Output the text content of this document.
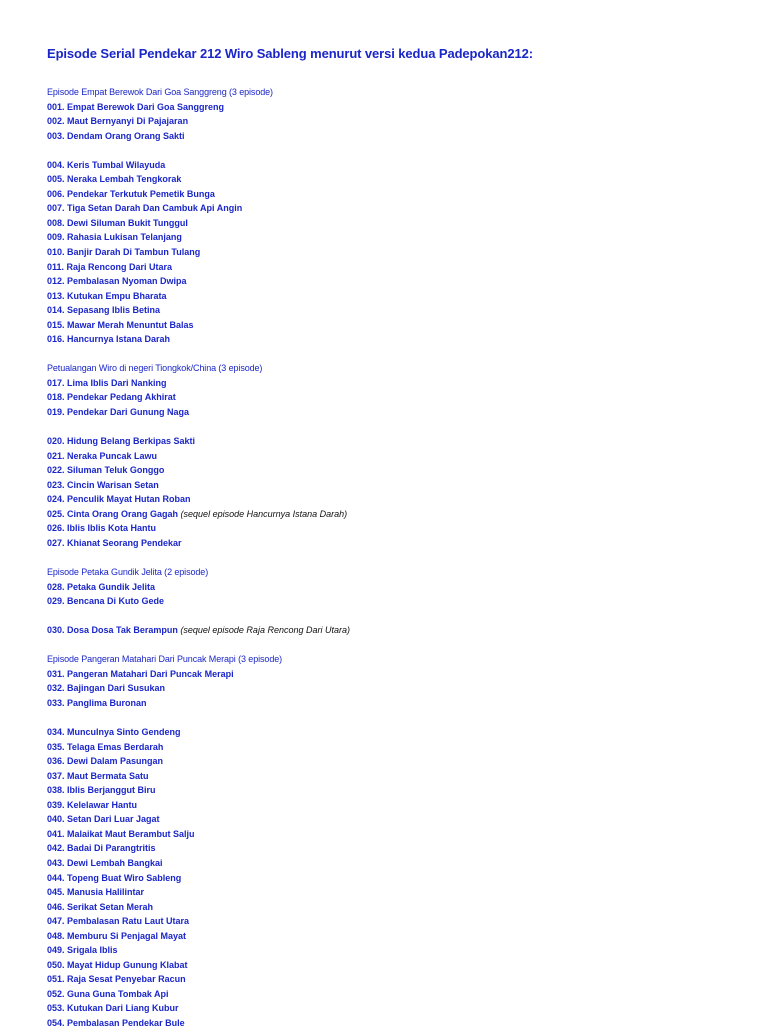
Episode Serial Pendekar 212 Wiro Sableng menurut versi kedua Padepokan212:
Episode Empat Berewok Dari Goa Sanggreng (3 episode)
001. Empat Berewok Dari Goa Sanggreng
002. Maut Bernyanyi Di Pajajaran
003. Dendam Orang Orang Sakti
004. Keris Tumbal Wilayuda
005. Neraka Lembah Tengkorak
006. Pendekar Terkutuk Pemetik Bunga
007. Tiga Setan Darah Dan Cambuk Api Angin
008. Dewi Siluman Bukit Tunggul
009. Rahasia Lukisan Telanjang
010. Banjir Darah Di Tambun Tulang
011. Raja Rencong Dari Utara
012. Pembalasan Nyoman Dwipa
013. Kutukan Empu Bharata
014. Sepasang Iblis Betina
015. Mawar Merah Menuntut Balas
016. Hancurnya Istana Darah
Petualangan Wiro di negeri Tiongkok/China (3 episode)
017. Lima Iblis Dari Nanking
018. Pendekar Pedang Akhirat
019. Pendekar Dari Gunung Naga
020. Hidung Belang Berkipas Sakti
021. Neraka Puncak Lawu
022. Siluman Teluk Gonggo
023. Cincin Warisan Setan
024. Penculik Mayat Hutan Roban
025. Cinta Orang Orang Gagah (sequel episode Hancurnya Istana Darah)
026. Iblis Iblis Kota Hantu
027. Khianat Seorang Pendekar
Episode Petaka Gundik Jelita (2 episode)
028. Petaka Gundik Jelita
029. Bencana Di Kuto Gede
030. Dosa Dosa Tak Berampun (sequel episode Raja Rencong Dari Utara)
Episode Pangeran Matahari Dari Puncak Merapi (3 episode)
031. Pangeran Matahari Dari Puncak Merapi
032. Bajingan Dari Susukan
033. Panglima Buronan
034. Munculnya Sinto Gendeng
035. Telaga Emas Berdarah
036. Dewi Dalam Pasungan
037. Maut Bermata Satu
038. Iblis Berjanggut Biru
039. Kelelawar Hantu
040. Setan Dari Luar Jagat
041. Malaikat Maut Berambut Salju
042. Badai Di Parangtritis
043. Dewi Lembah Bangkai
044. Topeng Buat Wiro Sableng
045. Manusia Halilintar
046. Serikat Setan Merah
047. Pembalasan Ratu Laut Utara
048. Memburu Si Penjagal Mayat
049. Srigala Iblis
050. Mayat Hidup Gunung Klabat
051. Raja Sesat Penyebar Racun
052. Guna Guna Tombak Api
053. Kutukan Dari Liang Kubur
054. Pembalasan Pendekar Bule
